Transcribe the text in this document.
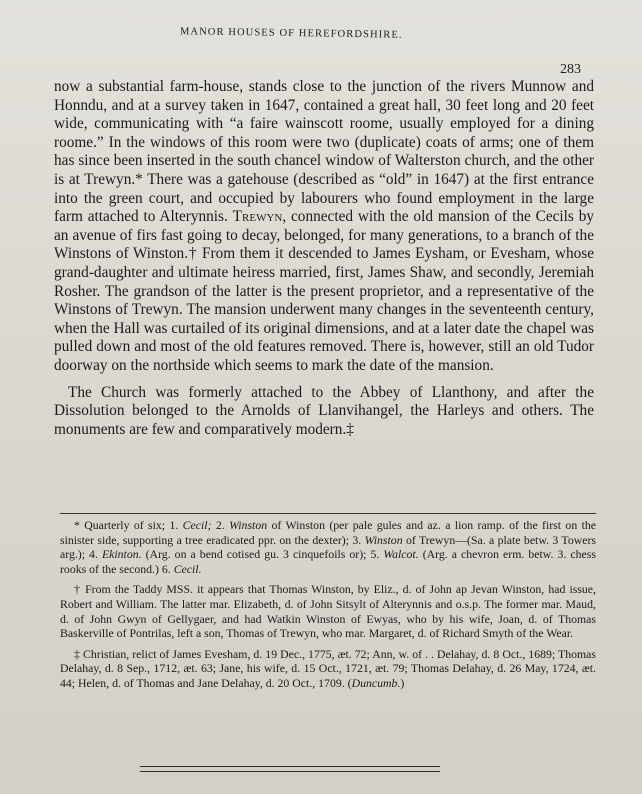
MANOR HOUSES OF HEREFORDSHIRE.
283

now a substantial farm-house, stands close to the junction of the rivers Munnow and Honndu, and at a survey taken in 1647, contained a great hall, 30 feet long and 20 feet wide, communicating with “a faire wainscott roome, usually employed for a dining roome.” In the windows of this room were two (duplicate) coats of arms; one of them has since been inserted in the south chancel window of Walterston church, and the other is at Trewyn.* There was a gatehouse (described as “old” in 1647) at the first entrance into the green court, and occupied by labourers who found employment in the large farm attached to Alterynnis. Trewyn, connected with the old mansion of the Cecils by an avenue of firs fast going to decay, belonged, for many generations, to a branch of the Winstons of Winston.† From them it descended to James Eysham, or Evesham, whose grand-daughter and ultimate heiress married, first, James Shaw, and secondly, Jeremiah Rosher. The grandson of the latter is the present proprietor, and a representative of the Winstons of Trewyn. The mansion underwent many changes in the seventeenth century, when the Hall was curtailed of its original dimensions, and at a later date the chapel was pulled down and most of the old features removed. There is, however, still an old Tudor doorway on the northside which seems to mark the date of the mansion.

The Church was formerly attached to the Abbey of Llanthony, and after the Dissolution belonged to the Arnolds of Llanvihangel, the Harleys and others. The monuments are few and comparatively modern.‡

* Quarterly of six; 1. Cecil; 2. Winston of Winston (per pale gules and az. a lion ramp. of the first on the sinister side, supporting a tree eradicated ppr. on the dexter); 3. Winston of Trewyn—(Sa. a plate betw. 3 Towers arg.); 4. Ekinton. (Arg. on a bend cotised gu. 3 cinquefoils or); 5. Walcot. (Arg. a chevron erm. betw. 3. chess rooks of the second.) 6. Cecil.

† From the Taddy MSS. it appears that Thomas Winston, by Eliz., d. of John ap Jevan Winston, had issue, Robert and William. The latter mar. Elizabeth, d. of John Sitsylt of Alterynnis and o.s.p. The former mar. Maud, d. of John Gwyn of Gellygaer, and had Watkin Winston of Ewyas, who by his wife, Joan, d. of Thomas Baskerville of Pontrilas, left a son, Thomas of Trewyn, who mar. Margaret, d. of Richard Smyth of the Wear.

‡ Christian, relict of James Evesham, d. 19 Dec., 1775, æt. 72; Ann, w. of . . Delahay, d. 8 Oct., 1689; Thomas Delahay, d. 8 Sep., 1712, æt. 63; Jane, his wife, d. 15 Oct., 1721, æt. 79; Thomas Delahay, d. 26 May, 1724, æt. 44; Helen, d. of Thomas and Jane Delahay, d. 20 Oct., 1709. (Duncumb.)
